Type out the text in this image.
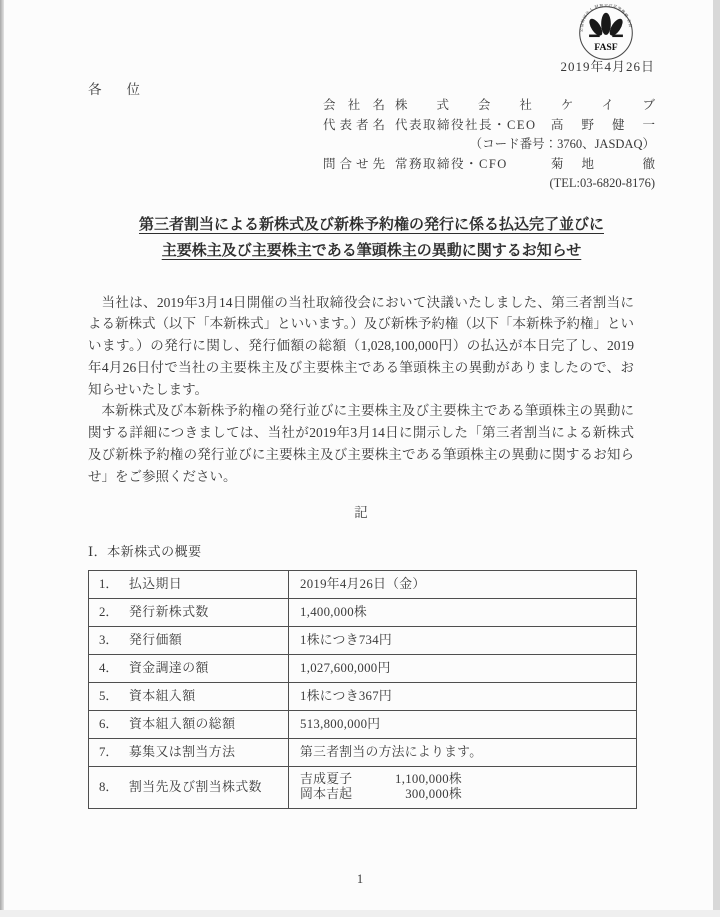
公益財団法人 財務会計基準機構 会員
FASF
2019年4月26日
各位
会社名 株式会社ケイブ
代表者名 代表取締役社長・CEO 高野健一
（コード番号：3760、JASDAQ）
問合せ先 常務取締役・CFO	菊地　徹
(TEL:03-6820-8176)
第三者割当による新株式及び新株予約権の発行に係る払込完了並びに
主要株主及び主要株主である筆頭株主の異動に関するお知らせ
当社は、2019年3月14日開催の当社取締役会において決議いたしました、第三者割当に
よる新株式（以下「本新株式」といいます。）及び新株予約権（以下「本新株予約権」とい
います。）の発行に関し、発行価額の総額（1,028,100,000円）の払込が本日完了し、2019
年4月26日付で当社の主要株主及び主要株主である筆頭株主の異動がありましたので、お
知らせいたします。
本新株式及び本新株予約権の発行並びに主要株主及び主要株主である筆頭株主の異動に
関する詳細につきましては、当社が2019年3月14日に開示した「第三者割当による新株式
及び新株予約権の発行並びに主要株主及び主要株主である筆頭株主の異動に関するお知ら
せ」をご参照ください。
記
Ⅰ．本新株式の概要
1． 払込期日	2019年4月26日（金）

2． 発行新株式数	1,400,000株

3． 発行価額	1株につき734円

4． 資金調達の額	1,027,600,000円

5． 資本組入額	1株につき367円

6． 資本組入額の総額	513,800,000円

7． 募集又は割当方法	第三者割当の方法によります。

8． 割当先及び割当株式数

吉成夏子	1,100,000株
岡本吉起	300,000株
1
